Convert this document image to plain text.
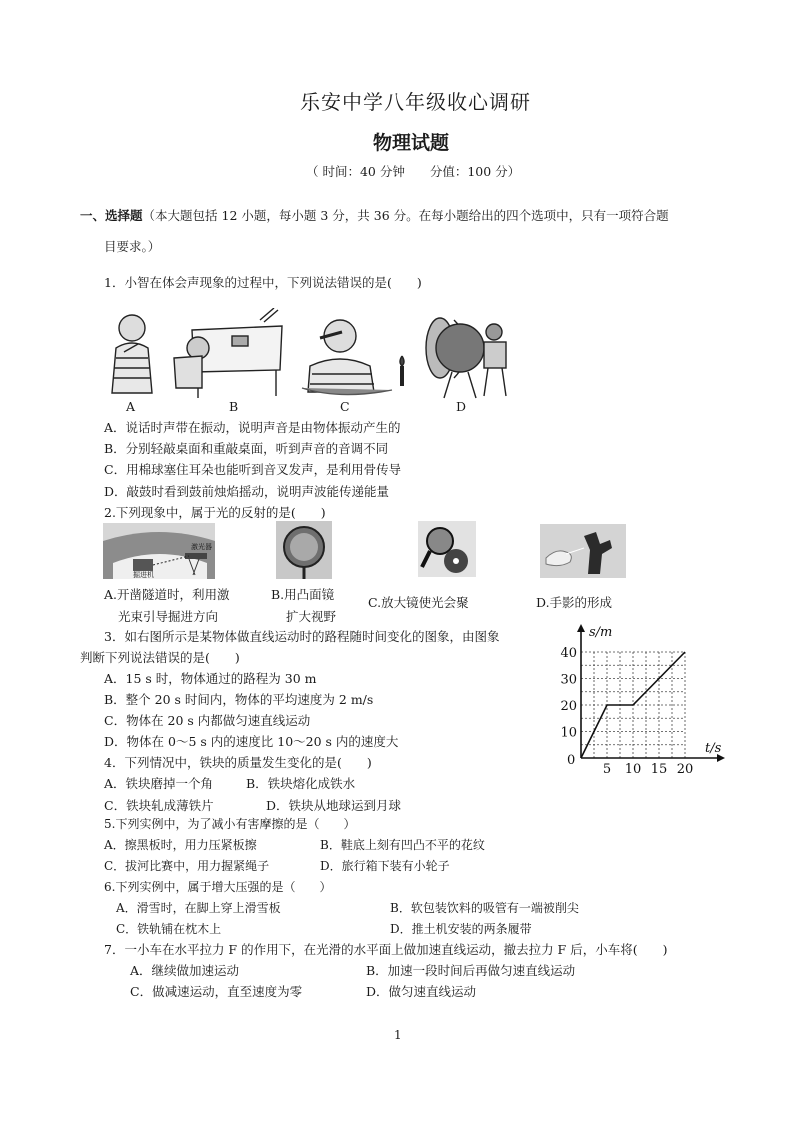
乐安中学八年级收心调研
物理试题
（ 时间：40 分钟　　分值：100 分）
一、选择题（本大题包括 12 小题，每小题 3 分，共 36 分。在每小题给出的四个选项中，只有一项符合题
目要求。）
1．小智在体会声现象的过程中，下列说法错误的是(　　)
A	B	C	D
A．说话时声带在振动，说明声音是由物体振动产生的
B．分别轻敲桌面和重敲桌面，听到声音的音调不同
C．用棉球塞住耳朵也能听到音叉发声，是利用骨传导
D．敲鼓时看到鼓前烛焰摇动，说明声波能传递能量
2.下列现象中，属于光的反射的是(　　)
激光器
掘进机
A.开凿隧道时，利用激
光束引导掘进方向
B.用凸面镜
扩大视野
C.放大镜使光会聚	D.手影的形成
3．如右图所示是某物体做直线运动时的路程随时间变化的图象，由图象
判断下列说法错误的是(　　)
A．15 s 时，物体通过的路程为 30 m
B．整个 20 s 时间内，物体的平均速度为 2 m/s
C．物体在 20 s 内都做匀速直线运动
D．物体在 0～5 s 内的速度比 10～20 s 内的速度大
5 10 15 20
10
20
30
40
s/m
t/s
0
4．下列情况中，铁块的质量发生变化的是(　　)
A．铁块磨掉一个角	B．铁块熔化成铁水
C．铁块轧成薄铁片	D．铁块从地球运到月球
5.下列实例中，为了减小有害摩擦的是（　　）
A．擦黑板时，用力压紧板擦	B．鞋底上刻有凹凸不平的花纹
C．拔河比赛中，用力握紧绳子	D．旅行箱下装有小轮子
6.下列实例中，属于增大压强的是（　　）
A．滑雪时，在脚上穿上滑雪板	B．软包装饮料的吸管有一端被削尖
C．铁轨铺在枕木上	D．推土机安装的两条履带
7．一小车在水平拉力 F 的作用下，在光滑的水平面上做加速直线运动，撤去拉力 F 后，小车将(　　)
A．继续做加速运动	B．加速一段时间后再做匀速直线运动
C．做减速运动，直至速度为零	D．做匀速直线运动
1
